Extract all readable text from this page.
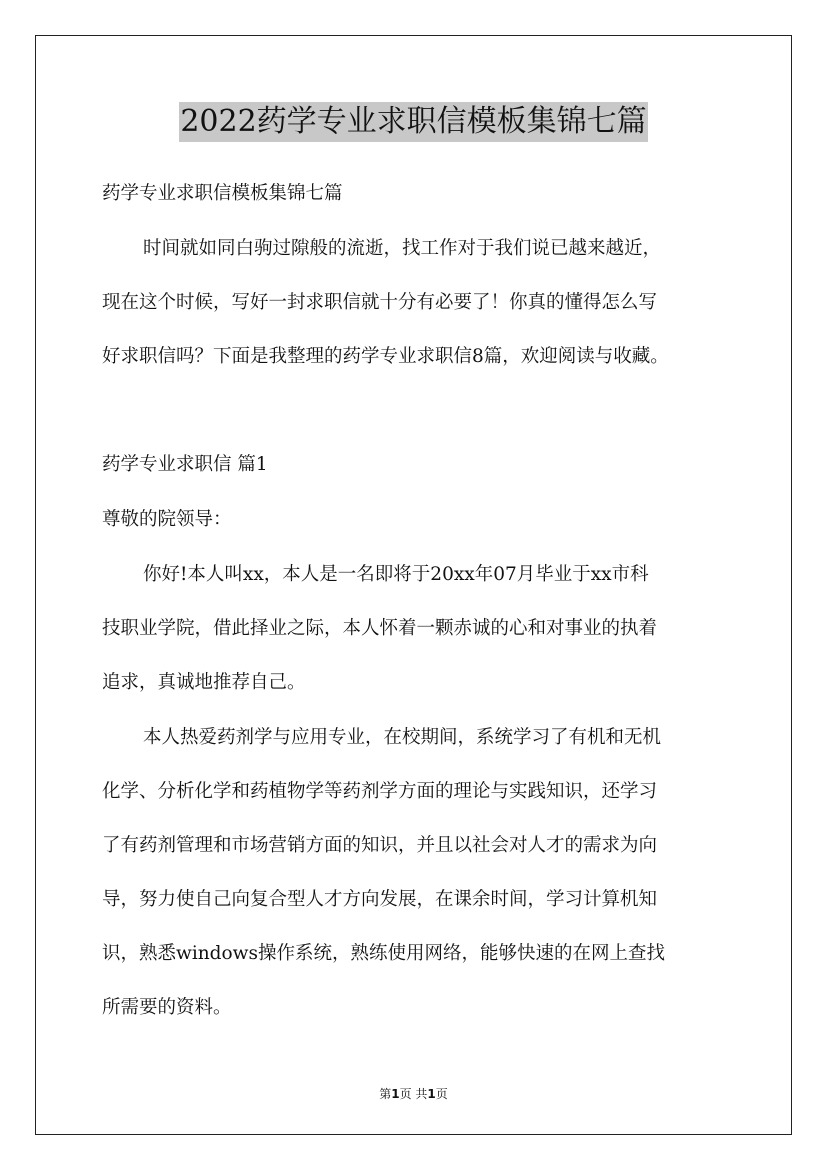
2022药学专业求职信模板集锦七篇
药学专业求职信模板集锦七篇
时间就如同白驹过隙般的流逝，找工作对于我们说已越来越近，
现在这个时候，写好一封求职信就十分有必要了！你真的懂得怎么写
好求职信吗？下面是我整理的药学专业求职信8篇，欢迎阅读与收藏。
药学专业求职信 篇1
尊敬的院领导：
你好!本人叫xx，本人是一名即将于20xx年07月毕业于xx市科
技职业学院，借此择业之际，本人怀着一颗赤诚的心和对事业的执着
追求，真诚地推荐自己。
本人热爱药剂学与应用专业，在校期间，系统学习了有机和无机
化学、分析化学和药植物学等药剂学方面的理论与实践知识，还学习
了有药剂管理和市场营销方面的知识，并且以社会对人才的需求为向
导，努力使自己向复合型人才方向发展，在课余时间，学习计算机知
识，熟悉windows操作系统，熟练使用网络，能够快速的在网上查找
所需要的资料。
第1页 共1页
